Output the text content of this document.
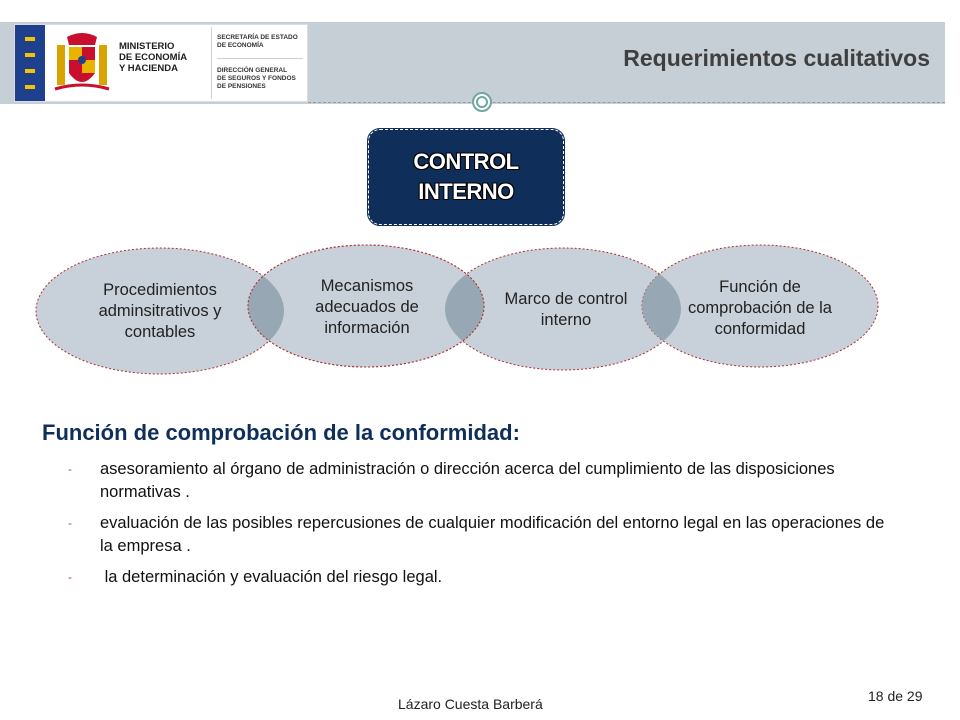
MINISTERIO
DE ECONOMÍA
Y HACIENDA
SECRETARÍA DE ESTADO
DE ECONOMÍA
DIRECCIÓN GENERAL
DE SEGUROS Y FONDOS
DE PENSIONES
Requerimientos cualitativos
CONTROL INTERNO
Procedimientos adminsitrativos y contables
Mecanismos adecuados de información
Marco de control interno
Función de comprobación de la conformidad
Función de comprobación de la conformidad:
- asesoramiento al órgano de administración o dirección acerca del cumplimiento de las disposiciones normativas .
- evaluación de las posibles repercusiones de cualquier modificación del entorno legal en las operaciones de la empresa .
- la determinación y evaluación del riesgo legal.
Lázaro Cuesta Barberá	18 de 29
